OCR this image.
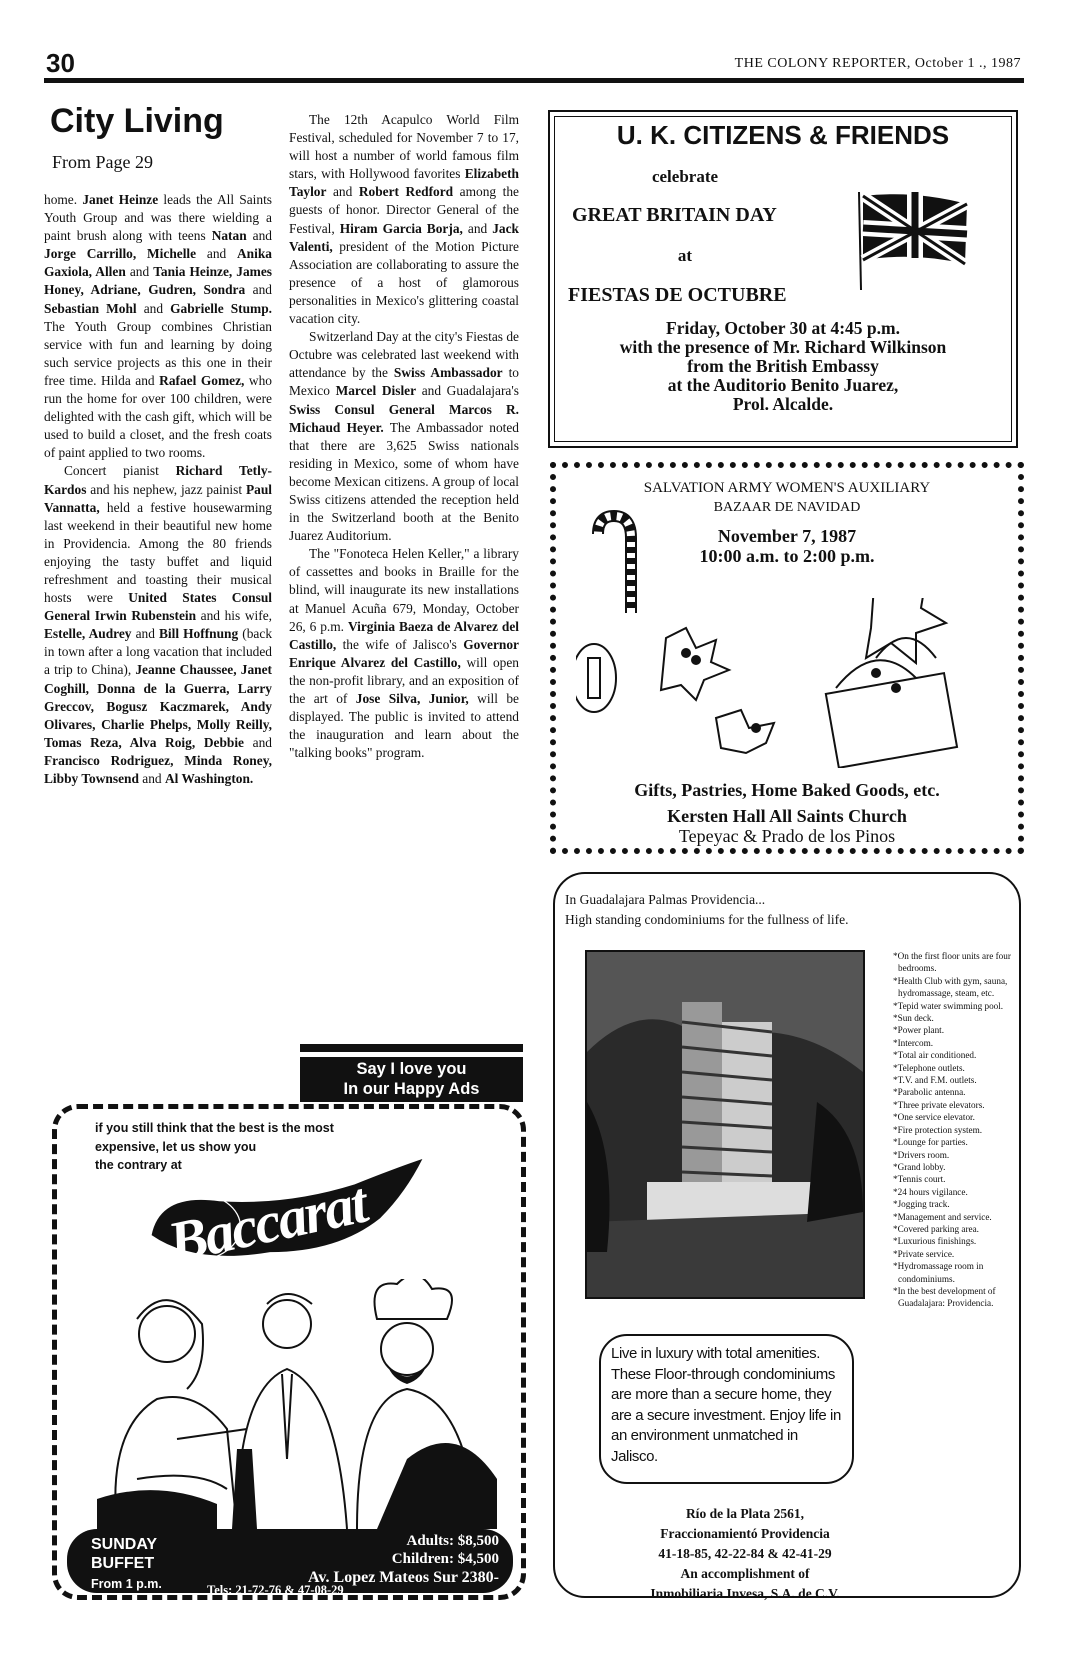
30	THE COLONY REPORTER, October 1 ., 1987
City Living
From Page 29

home. Janet Heinze leads the All Saints Youth Group and was there wielding a paint brush along with teens Natan and Jorge Carrillo, Michelle and Anika Gaxiola, Allen and Tania Heinze, James Honey, Adriane, Gudren, Sondra and Sebastian Mohl and Gabrielle Stump. The Youth Group combines Christian service with fun and learning by doing such service projects as this one in their free time. Hilda and Rafael Gomez, who run the home for over 100 children, were delighted with the cash gift, which will be used to build a closet, and the fresh coats of paint applied to two rooms.

Concert pianist Richard Tetly-Kardos and his nephew, jazz painist Paul Vannatta, held a festive housewarming last weekend in their beautiful new home in Providencia. Among the 80 friends enjoying the tasty buffet and liquid refreshment and toasting their musical hosts were United States Consul General Irwin Rubenstein and his wife, Estelle, Audrey and Bill Hoffnung (back in town after a long vacation that included a trip to China), Jeanne Chaussee, Janet Coghill, Donna de la Guerra, Larry Greccov, Bogusz Kaczmarek, Andy Olivares, Charlie Phelps, Molly Reilly, Tomas Reza, Alva Roig, Debbie and Francisco Rodriguez, Minda Roney, Libby Townsend and Al Washington.

The 12th Acapulco World Film Festival, scheduled for November 7 to 17, will host a number of world famous film stars, with Hollywood favorites Elizabeth Taylor and Robert Redford among the guests of honor. Director General of the Festival, Hiram Garcia Borja, and Jack Valenti, president of the Motion Picture Association are collaborating to assure the presence of a host of glamorous personalities in Mexico's glittering coastal vacation city.

Switzerland Day at the city's Fiestas de Octubre was celebrated last weekend with attendance by the Swiss Ambassador to Mexico Marcel Disler and Guadalajara's Swiss Consul General Marcos R. Michaud Heyer. The Ambassador noted that there are 3,625 Swiss nationals residing in Mexico, some of whom have become Mexican citizens. A group of local Swiss citizens attended the reception held in the Switzerland booth at the Benito Juarez Auditorium.

The "Fonoteca Helen Keller," a library of cassettes and books in Braille for the blind, will inaugurate its new installations at Manuel Acuña 679, Monday, October 26, 6 p.m. Virginia Baeza de Alvarez del Castillo, the wife of Jalisco's Governor Enrique Alvarez del Castillo, will open the non-profit library, and an exposition of the art of Jose Silva, Junior, will be displayed. The public is invited to attend the inauguration and learn about the "talking books" program.

Say I love you
In our Happy Ads
U. K. CITIZENS & FRIENDS
celebrate
GREAT BRITAIN DAY
at
FIESTAS DE OCTUBRE
Friday, October 30 at 4:45 p.m.
with the presence of Mr. Richard Wilkinson
from the British Embassy
at the Auditorio Benito Juarez,
Prol. Alcalde.
SALVATION ARMY WOMEN'S AUXILIARY
BAZAAR DE NAVIDAD
November 7, 1987
10:00 a.m. to 2:00 p.m.
Gifts, Pastries, Home Baked Goods, etc.
Kersten Hall All Saints Church
Tepeyac & Prado de los Pinos
In Guadalajara Palmas Providencia...
High standing condominiums for the fullness of life.
*On the first floor units are four bedrooms.
*Health Club with gym, sauna, hydromassage, steam, etc.
*Tepid water swimming pool.
*Sun deck.
*Power plant.
*Intercom.
*Total air conditioned.
*Telephone outlets.
*T.V. and F.M. outlets.
*Parabolic antenna.
*Three private elevators.
*One service elevator.
*Fire protection system.
*Lounge for parties.
*Drivers room.
*Grand lobby.
*Tennis court.
*24 hours vigilance.
*Jogging track.
*Management and service.
*Covered parking area.
*Luxurious finishings.
*Private service.
*Hydromassage room in condominiums.
*In the best development of Guadalajara: Providencia.
Live in luxury with total amenities. These Floor-through condominiums are more than a secure home, they are a secure investment. Enjoy life in an environment unmatched in Jalisco.
Río de la Plata 2561,
Fraccionamientó Providencia
41-18-85, 42-22-84 & 42-41-29
An accomplishment of
Inmobiliaria Invesa, S.A. de C.V.
if you still think that the best is the most
expensive, let us show you
the contrary at
Baccarat
SUNDAY
BUFFET
From 1 p.m.
Adults: $8,500
Children: $4,500
Av. Lopez Mateos Sur 2380-
Tels: 21-72-76 & 47-08-29
